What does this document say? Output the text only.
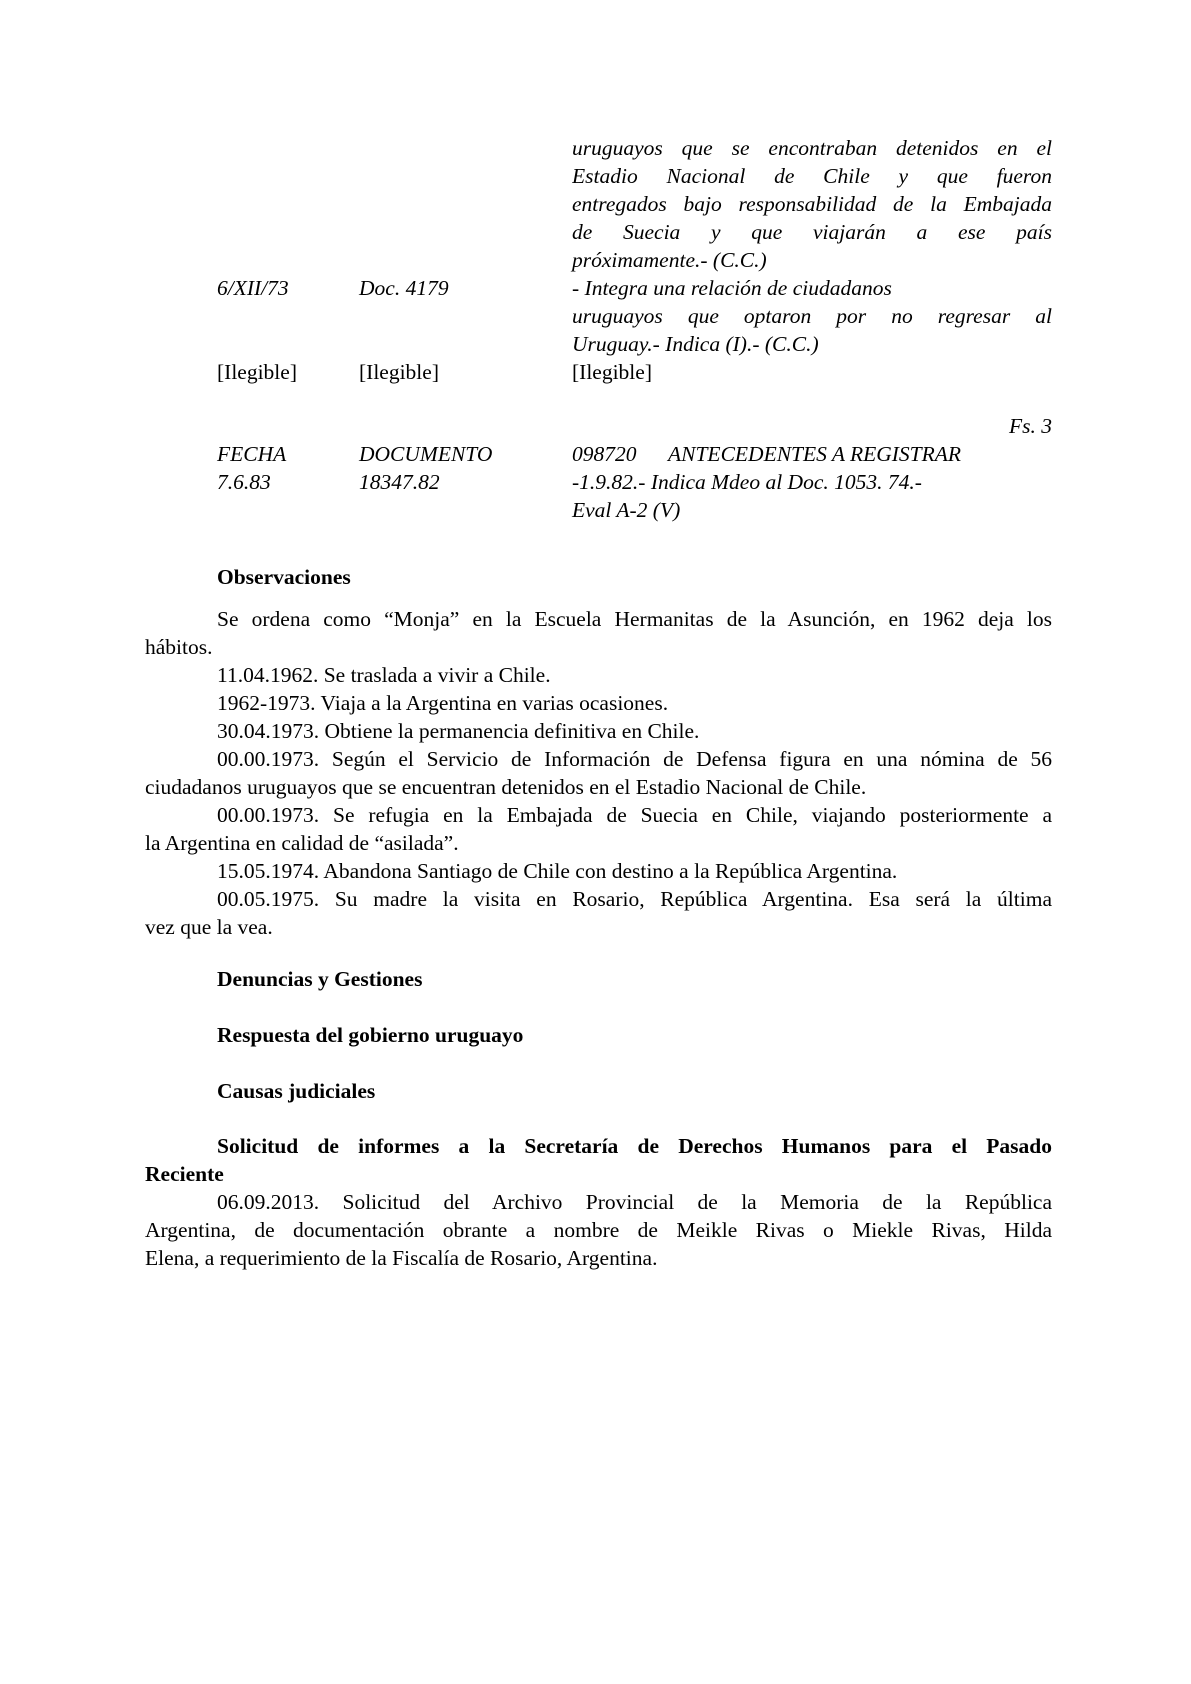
uruguayos que se encontraban detenidos en el
Estadio Nacional de Chile y que fueron
entregados bajo responsabilidad de la Embajada
de Suecia y que viajarán a ese país
próximamente.- (C.C.)
6/XII/73	Doc. 4179	- Integra una relación de ciudadanos
uruguayos que optaron por no regresar al
Uruguay.- Indica (I).- (C.C.)
[Ilegible]	[Ilegible]	[Ilegible]
Fs. 3
FECHA	DOCUMENTO	098720 ANTECEDENTES A REGISTRAR
7.6.83	18347.82	-1.9.82.- Indica Mdeo al Doc. 1053. 74.-
Eval A-2 (V)
Observaciones
Se ordena como “Monja” en la Escuela Hermanitas de la Asunción, en 1962 deja los
hábitos.
11.04.1962. Se traslada a vivir a Chile.
1962-1973. Viaja a la Argentina en varias ocasiones.
30.04.1973. Obtiene la permanencia definitiva en Chile.
00.00.1973. Según el Servicio de Información de Defensa figura en una nómina de 56
ciudadanos uruguayos que se encuentran detenidos en el Estadio Nacional de Chile.
00.00.1973. Se refugia en la Embajada de Suecia en Chile, viajando posteriormente a
la Argentina en calidad de “asilada”.
15.05.1974. Abandona Santiago de Chile con destino a la República Argentina.
00.05.1975. Su madre la visita en Rosario, República Argentina. Esa será la última
vez que la vea.
Denuncias y Gestiones
Respuesta del gobierno uruguayo
Causas judiciales
Solicitud de informes a la Secretaría de Derechos Humanos para el Pasado
Reciente
06.09.2013. Solicitud del Archivo Provincial de la Memoria de la República
Argentina, de documentación obrante a nombre de Meikle Rivas o Miekle Rivas, Hilda
Elena, a requerimiento de la Fiscalía de Rosario, Argentina.
